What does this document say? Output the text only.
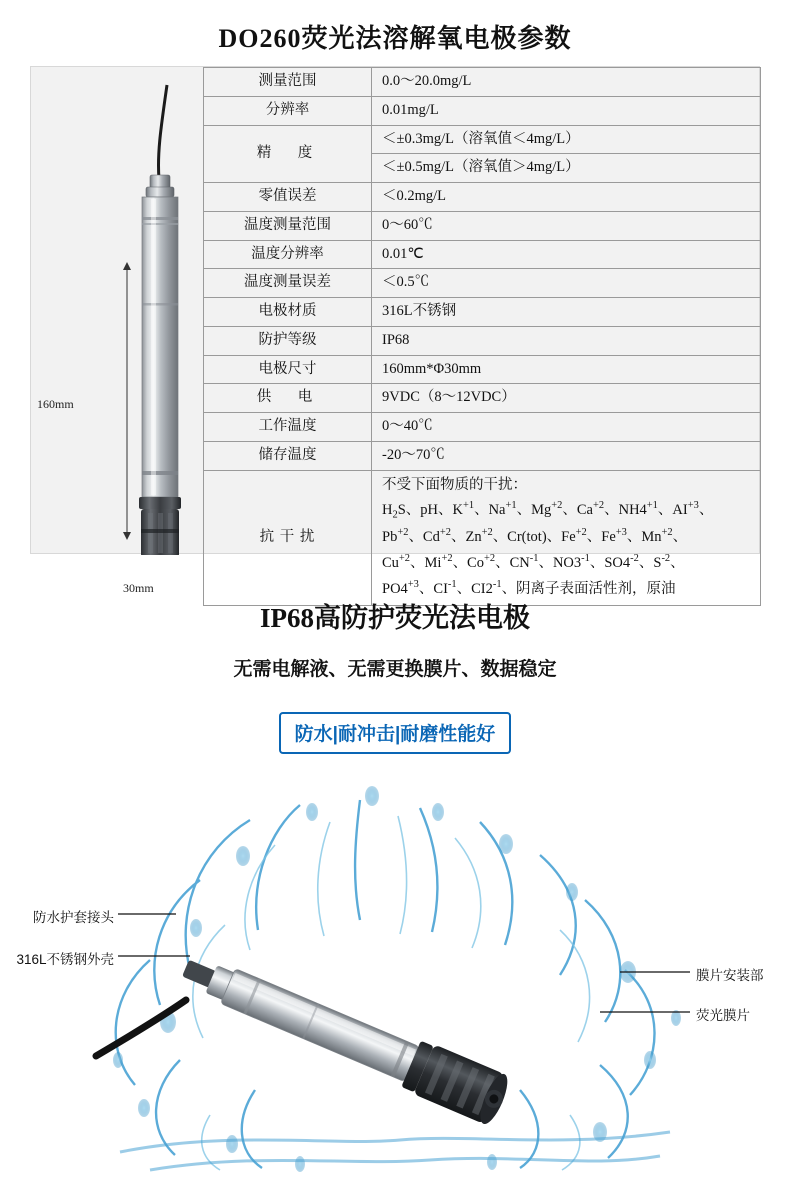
DO260荧光法溶解氧电极参数
160mm
30mm
测量范围	0.0～20.0mg/L
分辨率	0.01mg/L
精　度	＜±0.3mg/L（溶氧值＜4mg/L）
	＜±0.5mg/L（溶氧值＞4mg/L）
零值误差	＜0.2mg/L
温度测量范围	0～60℃
温度分辨率	0.01℃
温度测量误差	＜0.5℃
电极材质	316L不锈钢
防护等级	IP68
电极尺寸	160mm*Φ30mm
供　电	9VDC（8～12VDC）
工作温度	0～40℃
储存温度	-20～70℃
抗 干 扰	不受下面物质的干扰：
$H_2S$、pH、$K^{+1}$、$Na^{+1}$、$Mg^{+2}$、$Ca^{+2}$、$NH4^{+1}$、$AI^{+3}$、
$Pb^{+2}$、$Cd^{+2}$、$Zn^{+2}$、Cr(tot)、$Fe^{+2}$、$Fe^{+3}$、$Mn^{+2}$、
$Cu^{+2}$、$Mi^{+2}$、$Co^{+2}$、$CN^{-1}$、$NO3^{-1}$、$SO4^{-2}$、$S^{-2}$、
$PO4^{+3}$、$CI^{-1}$、$CI2^{-1}$、阴离子表面活性剂，原油
IP68高防护荧光法电极
无需电解液、无需更换膜片、数据稳定
防水|耐冲击|耐磨性能好
防水护套接头
316L不锈钢外壳
膜片安装部
荧光膜片
